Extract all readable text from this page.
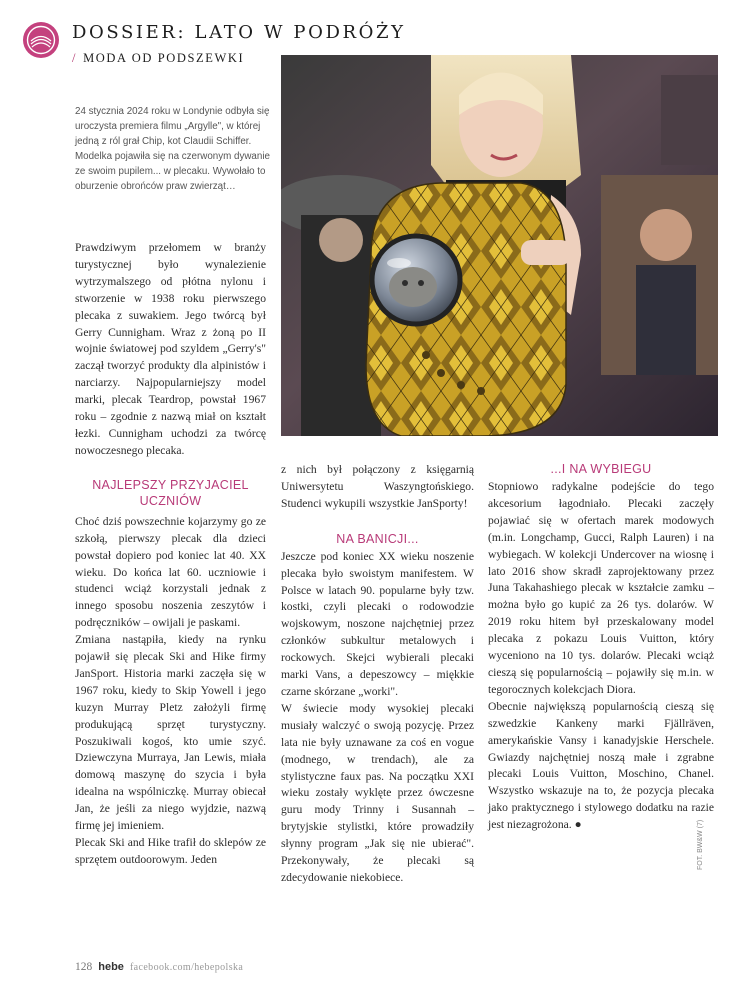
DOSSIER: LATO W PODRÓŻY
/ MODA OD PODSZEWKI
24 stycznia 2024 roku w Londynie odbyła się uroczysta premiera filmu „Argylle", w której jedną z ról grał Chip, kot Claudii Schiffer. Modelka pojawiła się na czerwonym dywanie ze swoim pupilem... w plecaku. Wywołało to oburzenie obrońców praw zwierząt…

Prawdziwym przełomem w branży turystycznej było wynalezienie wytrzymalszego od płótna nylonu i stworzenie w 1938 roku pierwszego plecaka z suwakiem. Jego twórcą był Gerry Cunnigham. Wraz z żoną po II wojnie światowej pod szyldem „Gerry's" zaczął tworzyć produkty dla alpinistów i narciarzy. Najpopularniejszy model marki, plecak Teardrop, powstał 1967 roku – zgodnie z nazwą miał on kształt łezki. Cunnigham uchodzi za twórcę nowoczesnego plecaka.

NAJLEPSZY PRZYJACIEL UCZNIÓW

Choć dziś powszechnie kojarzymy go ze szkołą, pierwszy plecak dla dzieci powstał dopiero pod koniec lat 40. XX wieku. Do końca lat 60. uczniowie i studenci wciąż korzystali jednak z innego sposobu noszenia zeszytów i podręczników – owijali je paskami.

Zmiana nastąpiła, kiedy na rynku pojawił się plecak Ski and Hike firmy JanSport. Historia marki zaczęła się w 1967 roku, kiedy to Skip Yowell i jego kuzyn Murray Pletz założyli firmę produkującą sprzęt turystyczny. Poszukiwali kogoś, kto umie szyć. Dziewczyna Murraya, Jan Lewis, miała domową maszynę do szycia i była idealna na wspólniczkę. Murray obiecał Jan, że jeśli za niego wyjdzie, nazwą firmę jej imieniem.

Plecak Ski and Hike trafił do sklepów ze sprzętem outdoorowym. Jeden

z nich był połączony z księgarnią Uniwersytetu Waszyngtońskiego. Studenci wykupili wszystkie JanSporty!

NA BANICJI...

Jeszcze pod koniec XX wieku noszenie plecaka było swoistym manifestem. W Polsce w latach 90. popularne były tzw. kostki, czyli plecaki o rodowodzie wojskowym, noszone najchętniej przez członków subkultur metalowych i rockowych. Skejci wybierali plecaki marki Vans, a depeszowcy – miękkie czarne skórzane „worki".

W świecie mody wysokiej plecaki musiały walczyć o swoją pozycję. Przez lata nie były uznawane za coś en vogue (modnego, w trendach), ale za stylistyczne faux pas. Na początku XXI wieku zostały wyklęte przez ówczesne guru mody Trinny i Susannah – brytyjskie stylistki, które prowadziły słynny program „Jak się nie ubierać". Przekonywały, że plecaki są zdecydowanie niekobiece.

...I NA WYBIEGU

Stopniowo radykalne podejście do tego akcesorium łagodniało. Plecaki zaczęły pojawiać się w ofertach marek modowych (m.in. Longchamp, Gucci, Ralph Lauren) i na wybiegach. W kolekcji Undercover na wiosnę i lato 2016 show skradł zaprojektowany przez Juna Takahashiego plecak w kształcie zamku – można było go kupić za 26 tys. dolarów. W 2019 roku hitem był przeskalowany model plecaka z pokazu Louis Vuitton, który wyceniono na 10 tys. dolarów. Plecaki wciąż cieszą się popularnością – pojawiły się m.in. w tegorocznych kolekcjach Diora.

Obecnie największą popularnością cieszą się szwedzkie Kankeny marki Fjällräven, amerykańskie Vansy i kanadyjskie Herschele. Gwiazdy najchętniej noszą małe i zgrabne plecaki Louis Vuitton, Moschino, Chanel. Wszystko wskazuje na to, że pozycja plecaka jako praktycznego i stylowego dodatku na razie jest niezagrożona. ●

128 hebe facebook.com/hebepolska
FOT. BW&W (7)
